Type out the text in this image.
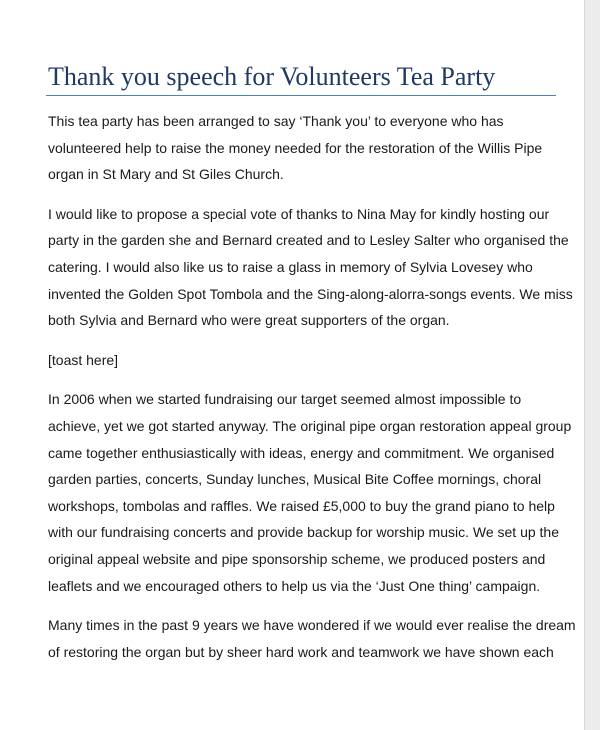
Thank you speech for Volunteers Tea Party

This tea party has been arranged to say ‘Thank you’ to everyone who has
volunteered help to raise the money needed for the restoration of the Willis Pipe
organ in St Mary and St Giles Church.

I would like to propose a special vote of thanks to Nina May for kindly hosting our
party in the garden she and Bernard created and to Lesley Salter who organised the
catering. I would also like us to raise a glass in memory of Sylvia Lovesey who
invented the Golden Spot Tombola and the Sing-along-alorra-songs events. We miss
both Sylvia and Bernard who were great supporters of the organ.

[toast here]

In 2006 when we started fundraising our target seemed almost impossible to
achieve, yet we got started anyway. The original pipe organ restoration appeal group
came together enthusiastically with ideas, energy and commitment. We organised
garden parties, concerts, Sunday lunches, Musical Bite Coffee mornings, choral
workshops, tombolas and raffles. We raised £5,000 to buy the grand piano to help
with our fundraising concerts and provide backup for worship music. We set up the
original appeal website and pipe sponsorship scheme, we produced posters and
leaflets and we encouraged others to help us via the ‘Just One thing’ campaign.

Many times in the past 9 years we have wondered if we would ever realise the dream
of restoring the organ but by sheer hard work and teamwork we have shown each
